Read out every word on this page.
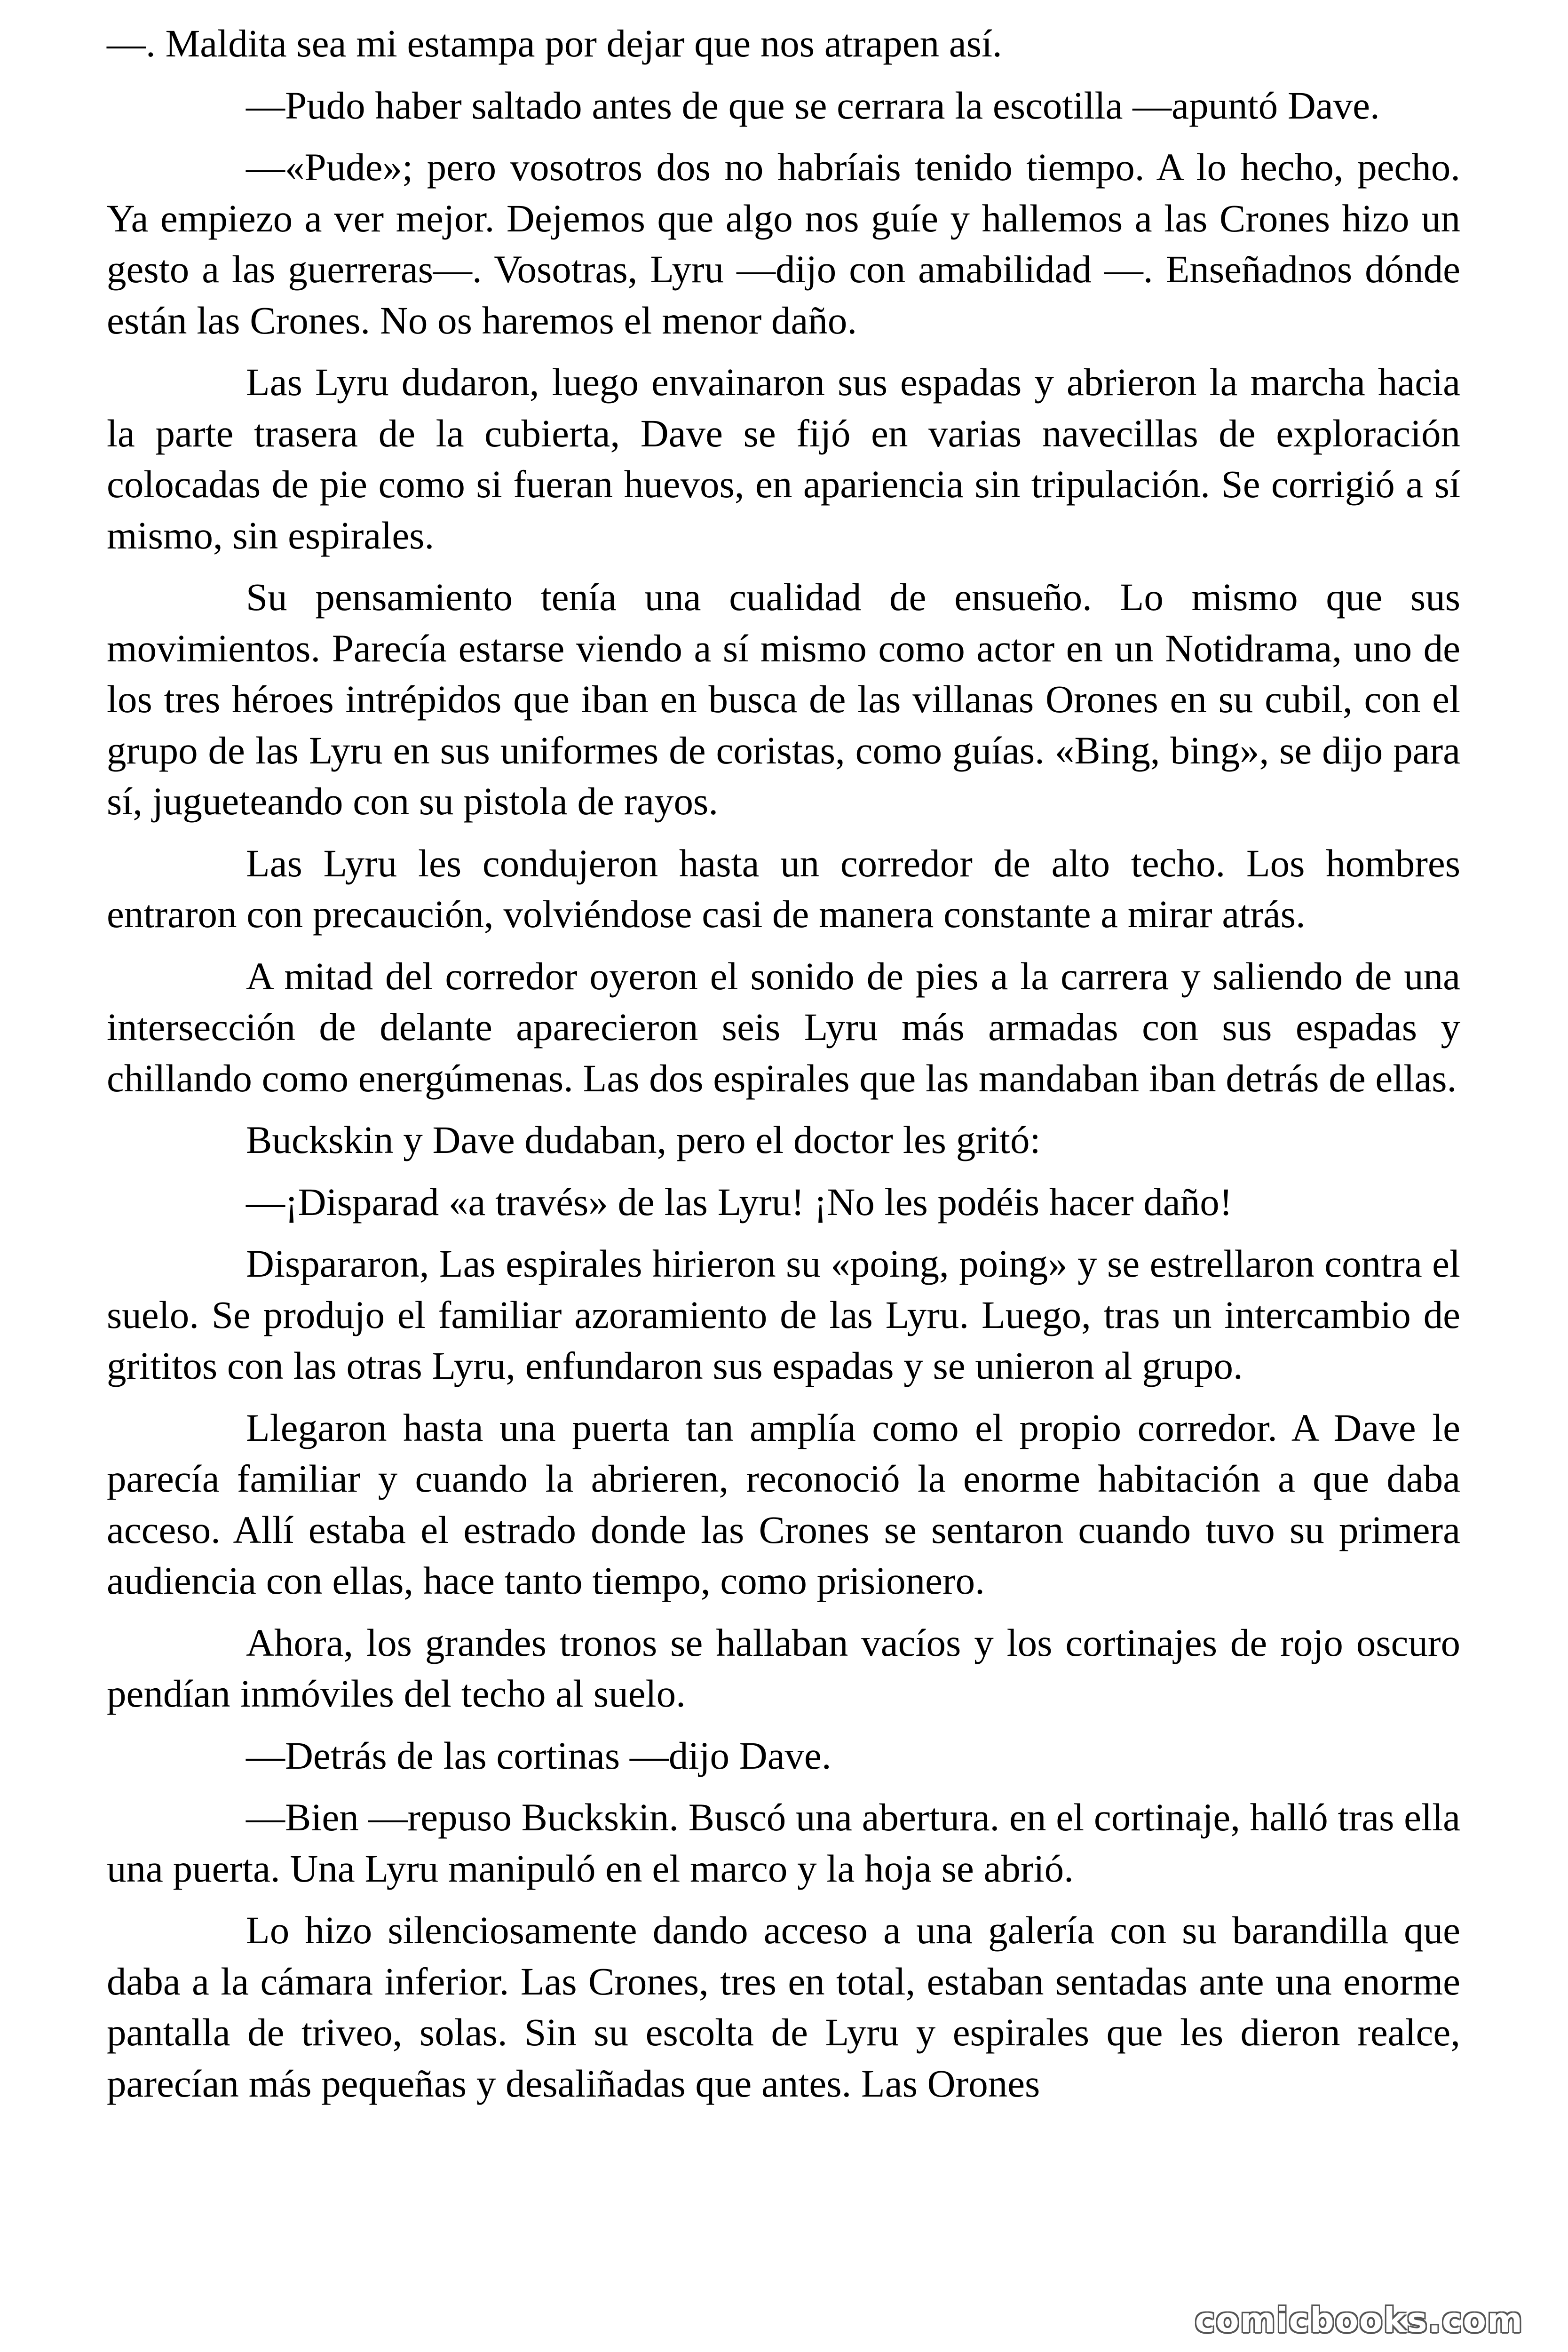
—. Maldita sea mi estampa por dejar que nos atrapen así.

—Pudo haber saltado antes de que se cerrara la escotilla —apuntó Dave.

—«Pude»; pero vosotros dos no habríais tenido tiempo. A lo hecho, pecho. Ya empiezo a ver mejor. Dejemos que algo nos guíe y hallemos a las Crones hizo un gesto a las guerreras—. Vosotras, Lyru —dijo con amabilidad —. Enseñadnos dónde están las Crones. No os haremos el menor daño.

Las Lyru dudaron, luego envainaron sus espadas y abrieron la marcha hacia la parte trasera de la cubierta, Dave se fijó en varias navecillas de exploración colocadas de pie como si fueran huevos, en apariencia sin tripulación. Se corrigió a sí mismo, sin espirales.

Su pensamiento tenía una cualidad de ensueño. Lo mismo que sus movimientos. Parecía estarse viendo a sí mismo como actor en un Notidrama, uno de los tres héroes intrépidos que iban en busca de las villanas Orones en su cubil, con el grupo de las Lyru en sus uniformes de coristas, como guías. «Bing, bing», se dijo para sí, jugueteando con su pistola de rayos.

Las Lyru les condujeron hasta un corredor de alto techo. Los hombres entraron con precaución, volviéndose casi de manera constante a mirar atrás.

A mitad del corredor oyeron el sonido de pies a la carrera y saliendo de una intersección de delante aparecieron seis Lyru más armadas con sus espadas y chillando como energúmenas. Las dos espirales que las mandaban iban detrás de ellas.

Buckskin y Dave dudaban, pero el doctor les gritó:

—¡Disparad «a través» de las Lyru! ¡No les podéis hacer daño!

Dispararon, Las espirales hirieron su «poing, poing» y se estrellaron contra el suelo. Se produjo el familiar azoramiento de las Lyru. Luego, tras un intercambio de grititos con las otras Lyru, enfundaron sus espadas y se unieron al grupo.

Llegaron hasta una puerta tan amplía como el propio corredor. A Dave le parecía familiar y cuando la abrieren, reconoció la enorme habitación a que daba acceso. Allí estaba el estrado donde las Crones se sentaron cuando tuvo su primera audiencia con ellas, hace tanto tiempo, como prisionero.

Ahora, los grandes tronos se hallaban vacíos y los cortinajes de rojo oscuro pendían inmóviles del techo al suelo.

—Detrás de las cortinas —dijo Dave.

—Bien —repuso Buckskin. Buscó una abertura. en el cortinaje, halló tras ella una puerta. Una Lyru manipuló en el marco y la hoja se abrió.

Lo hizo silenciosamente dando acceso a una galería con su barandilla que daba a la cámara inferior. Las Crones, tres en total, estaban sentadas ante una enorme pantalla de triveo, solas. Sin su escolta de Lyru y espirales que les dieron realce, parecían más pequeñas y desaliñadas que antes. Las Orones

comicbooks.com
